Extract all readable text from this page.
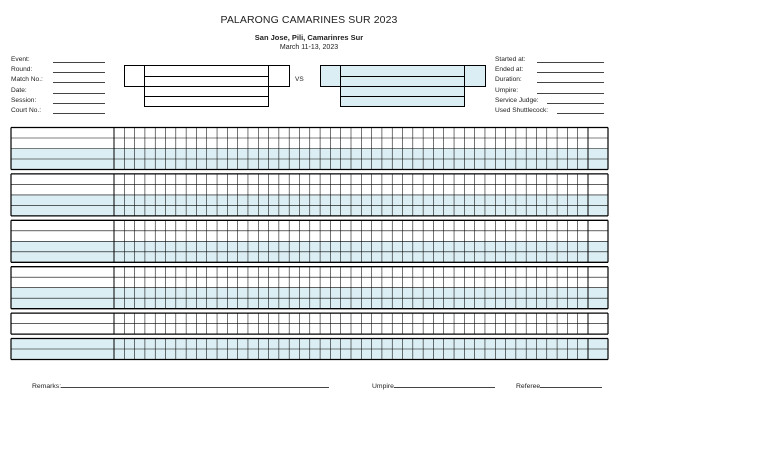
PALARONG CAMARINES SUR 2023
San Jose, Pili, Camarinres Sur
March 11-13, 2023
Event:
Round:
Match No.:
Date:
Session:
Court No.:
Started at:
Ended at:
Duration:
Umpire:
Service Judge:
Used Shuttlecock:
VS
Remarks:	Umpire	Referee
